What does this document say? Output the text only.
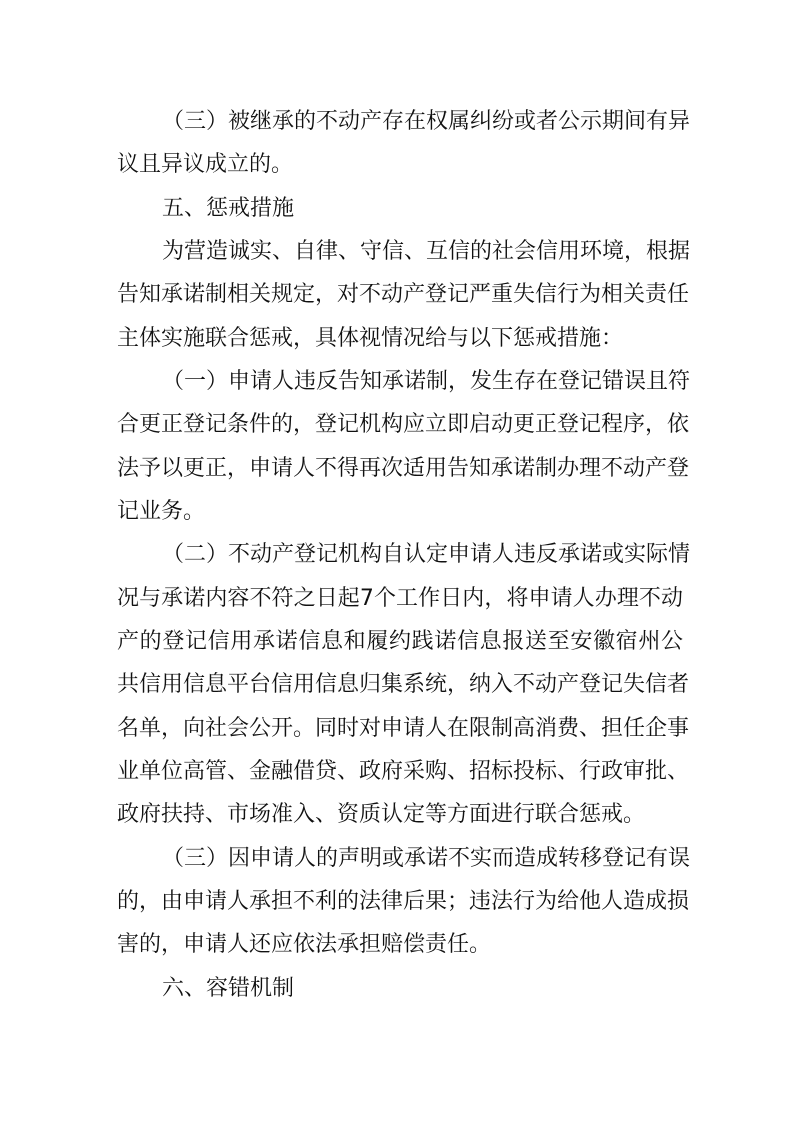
（三）被继承的不动产存在权属纠纷或者公示期间有异
议且异议成立的。
五、惩戒措施
为营造诚实、自律、守信、互信的社会信用环境，根据
告知承诺制相关规定，对不动产登记严重失信行为相关责任
主体实施联合惩戒，具体视情况给与以下惩戒措施：
（一）申请人违反告知承诺制，发生存在登记错误且符
合更正登记条件的，登记机构应立即启动更正登记程序，依
法予以更正，申请人不得再次适用告知承诺制办理不动产登
记业务。
（二）不动产登记机构自认定申请人违反承诺或实际情
况与承诺内容不符之日起7个工作日内，将申请人办理不动
产的登记信用承诺信息和履约践诺信息报送至安徽宿州公
共信用信息平台信用信息归集系统，纳入不动产登记失信者
名单，向社会公开。同时对申请人在限制高消费、担任企事
业单位高管、金融借贷、政府采购、招标投标、行政审批、
政府扶持、市场准入、资质认定等方面进行联合惩戒。
（三）因申请人的声明或承诺不实而造成转移登记有误
的，由申请人承担不利的法律后果；违法行为给他人造成损
害的，申请人还应依法承担赔偿责任。
六、容错机制
